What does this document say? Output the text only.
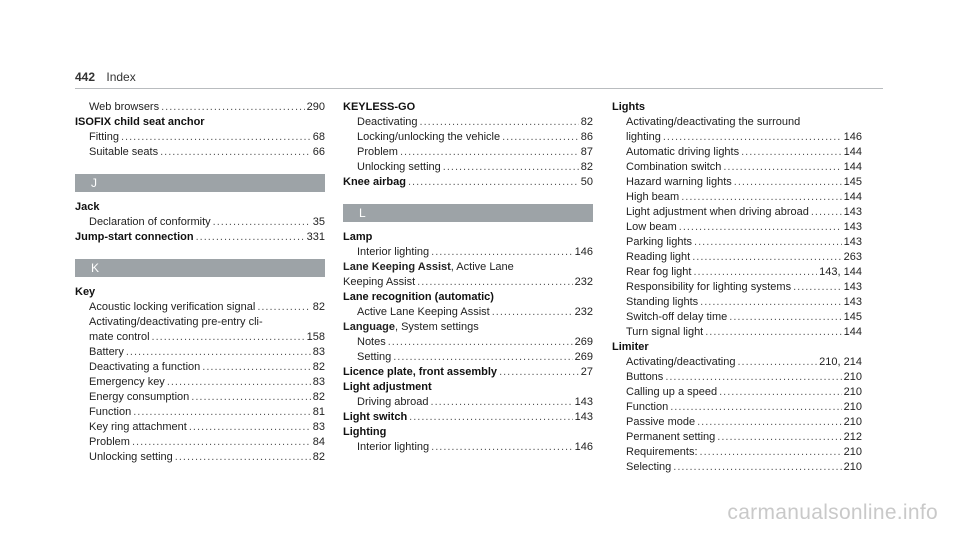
442 Index
Web browsers .....	290
ISOFIX child seat anchor
Fitting .....	68
Suitable seats .....	66
J
Jack
Declaration of conformity .....	35
Jump-start connection .....	331
K
Key
Acoustic locking verification signal .....	82
Activating/deactivating pre-entry cli-
mate control .....	158
Battery .....	83
Deactivating a function .....	82
Emergency key .....	83
Energy consumption .....	82
Function .....	81
Key ring attachment .....	83
Problem .....	84
Unlocking setting .....	82
KEYLESS-GO
Deactivating .....	82
Locking/unlocking the vehicle .....	86
Problem .....	87
Unlocking setting .....	82
Knee airbag .....	50
L
Lamp
Interior lighting .....	146
Lane Keeping Assist, Active Lane
Keeping Assist .....	232
Lane recognition (automatic)
Active Lane Keeping Assist .....	232
Language, System settings
Notes .....	269
Setting .....	269
Licence plate, front assembly .....	27
Light adjustment
Driving abroad .....	143
Light switch .....	143
Lighting
Interior lighting .....	146
Lights
Activating/deactivating the surround
lighting .....	146
Automatic driving lights .....	144
Combination switch .....	144
Hazard warning lights .....	145
High beam .....	144
Light adjustment when driving abroad .....	143
Low beam .....	143
Parking lights .....	143
Reading light .....	263
Rear fog light .....	143, 144
Responsibility for lighting systems .....	143
Standing lights .....	143
Switch-off delay time .....	145
Turn signal light .....	144
Limiter
Activating/deactivating .....	210, 214
Buttons .....	210
Calling up a speed .....	210
Function .....	210
Passive mode .....	210
Permanent setting .....	212
Requirements: .....	210
Selecting .....	210
carmanualsonline.info
